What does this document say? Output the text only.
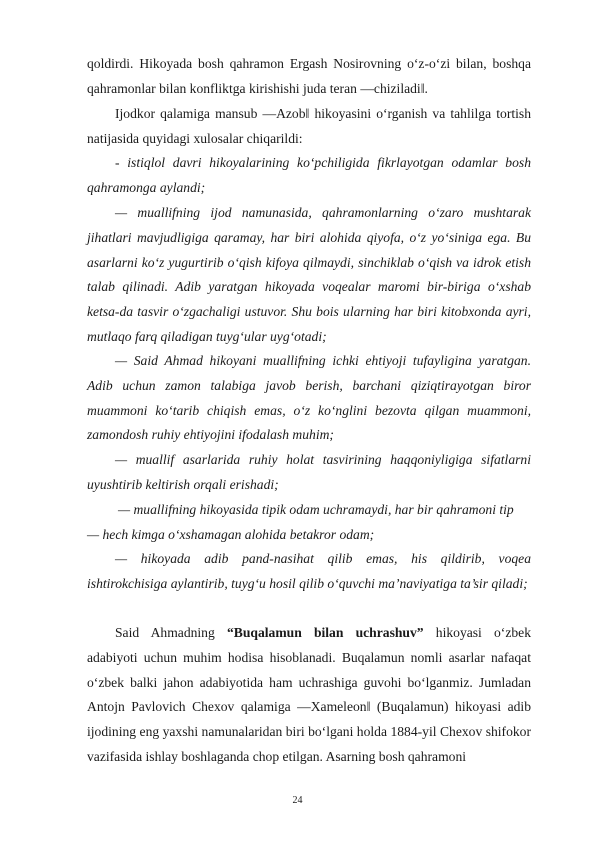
qoldirdi. Hikoyada bosh qahramon Ergash Nosirovning o‘z-o‘zi bilan, boshqa qahramonlar bilan konfliktga kirishishi juda teran ―chiziladi‖.

Ijodkor qalamiga mansub ―Azob‖ hikoyasini o‘rganish va tahlilga tortish natijasida quyidagi xulosalar chiqarildi:

- istiqlol davri hikoyalarining ko‘pchiligida fikrlayotgan odamlar bosh qahramonga aylandi;

— muallifning ijod namunasida, qahramonlarning o‘zaro mushtarak jihatlari mavjudligiga qaramay, har biri alohida qiyofa, o‘z yo‘siniga ega. Bu asarlarni ko‘z yugurtirib o‘qish kifoya qilmaydi, sinchiklab o‘qish va idrok etish talab qilinadi. Adib yaratgan hikoyada voqealar maromi bir-biriga o‘xshab ketsa-da tasvir o‘zgachaligi ustuvor. Shu bois ularning har biri kitobxonda ayri, mutlaqo farq qiladigan tuyg‘ular uyg‘otadi;

— Said Ahmad hikoyani muallifning ichki ehtiyoji tufayligina yaratgan. Adib uchun zamon talabiga javob berish, barchani qiziqtirayotgan biror muammoni ko‘tarib chiqish emas, o‘z ko‘nglini bezovta qilgan muammoni, zamondosh ruhiy ehtiyojini ifodalash muhim;

— muallif asarlarida ruhiy holat tasvirining haqqoniyligiga sifatlarni uyushtirib keltirish orqali erishadi;

— muallifning hikoyasida tipik odam uchramaydi, har bir qahramoni tip

— hech kimga o‘xshamagan alohida betakror odam;

— hikoyada adib pand-nasihat qilib emas, his qildirib, voqea ishtirokchisiga aylantirib, tuyg‘u hosil qilib o‘quvchi ma’naviyatiga ta’sir qiladi;

Said Ahmadning “Buqalamun bilan uchrashuv” hikoyasi o‘zbek adabiyoti uchun muhim hodisa hisoblanadi. Buqalamun nomli asarlar nafaqat o‘zbek balki jahon adabiyotida ham uchrashiga guvohi bo‘lganmiz. Jumladan Antojn Pavlovich Chexov qalamiga ―Xameleon‖ (Buqalamun) hikoyasi adib ijodining eng yaxshi namunalaridan biri bo‘lgani holda 1884-yil Chexov shifokor vazifasida ishlay boshlaganda chop etilgan. Asarning bosh qahramoni

24
